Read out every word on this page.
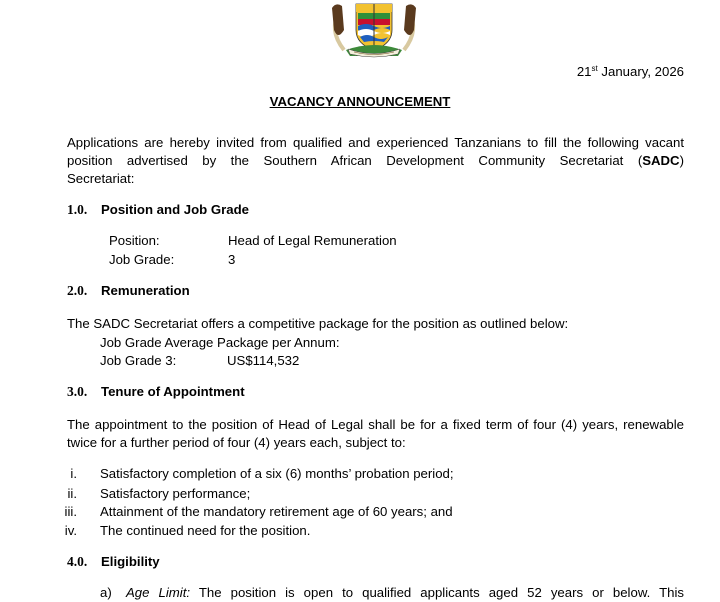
21st January, 2026
VACANCY ANNOUNCEMENT
Applications are hereby invited from qualified and experienced Tanzanians to fill the following vacant
position advertised by the Southern African Development Community Secretariat (SADC)
Secretariat:
1.0. Position and Job Grade
Position:	Head of Legal Remuneration
Job Grade:	3
2.0. Remuneration
The SADC Secretariat offers a competitive package for the position as outlined below:
Job Grade Average Package per Annum:
Job Grade 3:	US$114,532
3.0. Tenure of Appointment
The appointment to the position of Head of Legal shall be for a fixed term of four (4) years, renewable
twice for a further period of four (4) years each, subject to:
i. Satisfactory completion of a six (6) months’ probation period;
ii. Satisfactory performance;
iii. Attainment of the mandatory retirement age of 60 years; and
iv. The continued need for the position.
4.0. Eligibility
a) Age Limit: The position is open to qualified applicants aged 52 years or below. This
